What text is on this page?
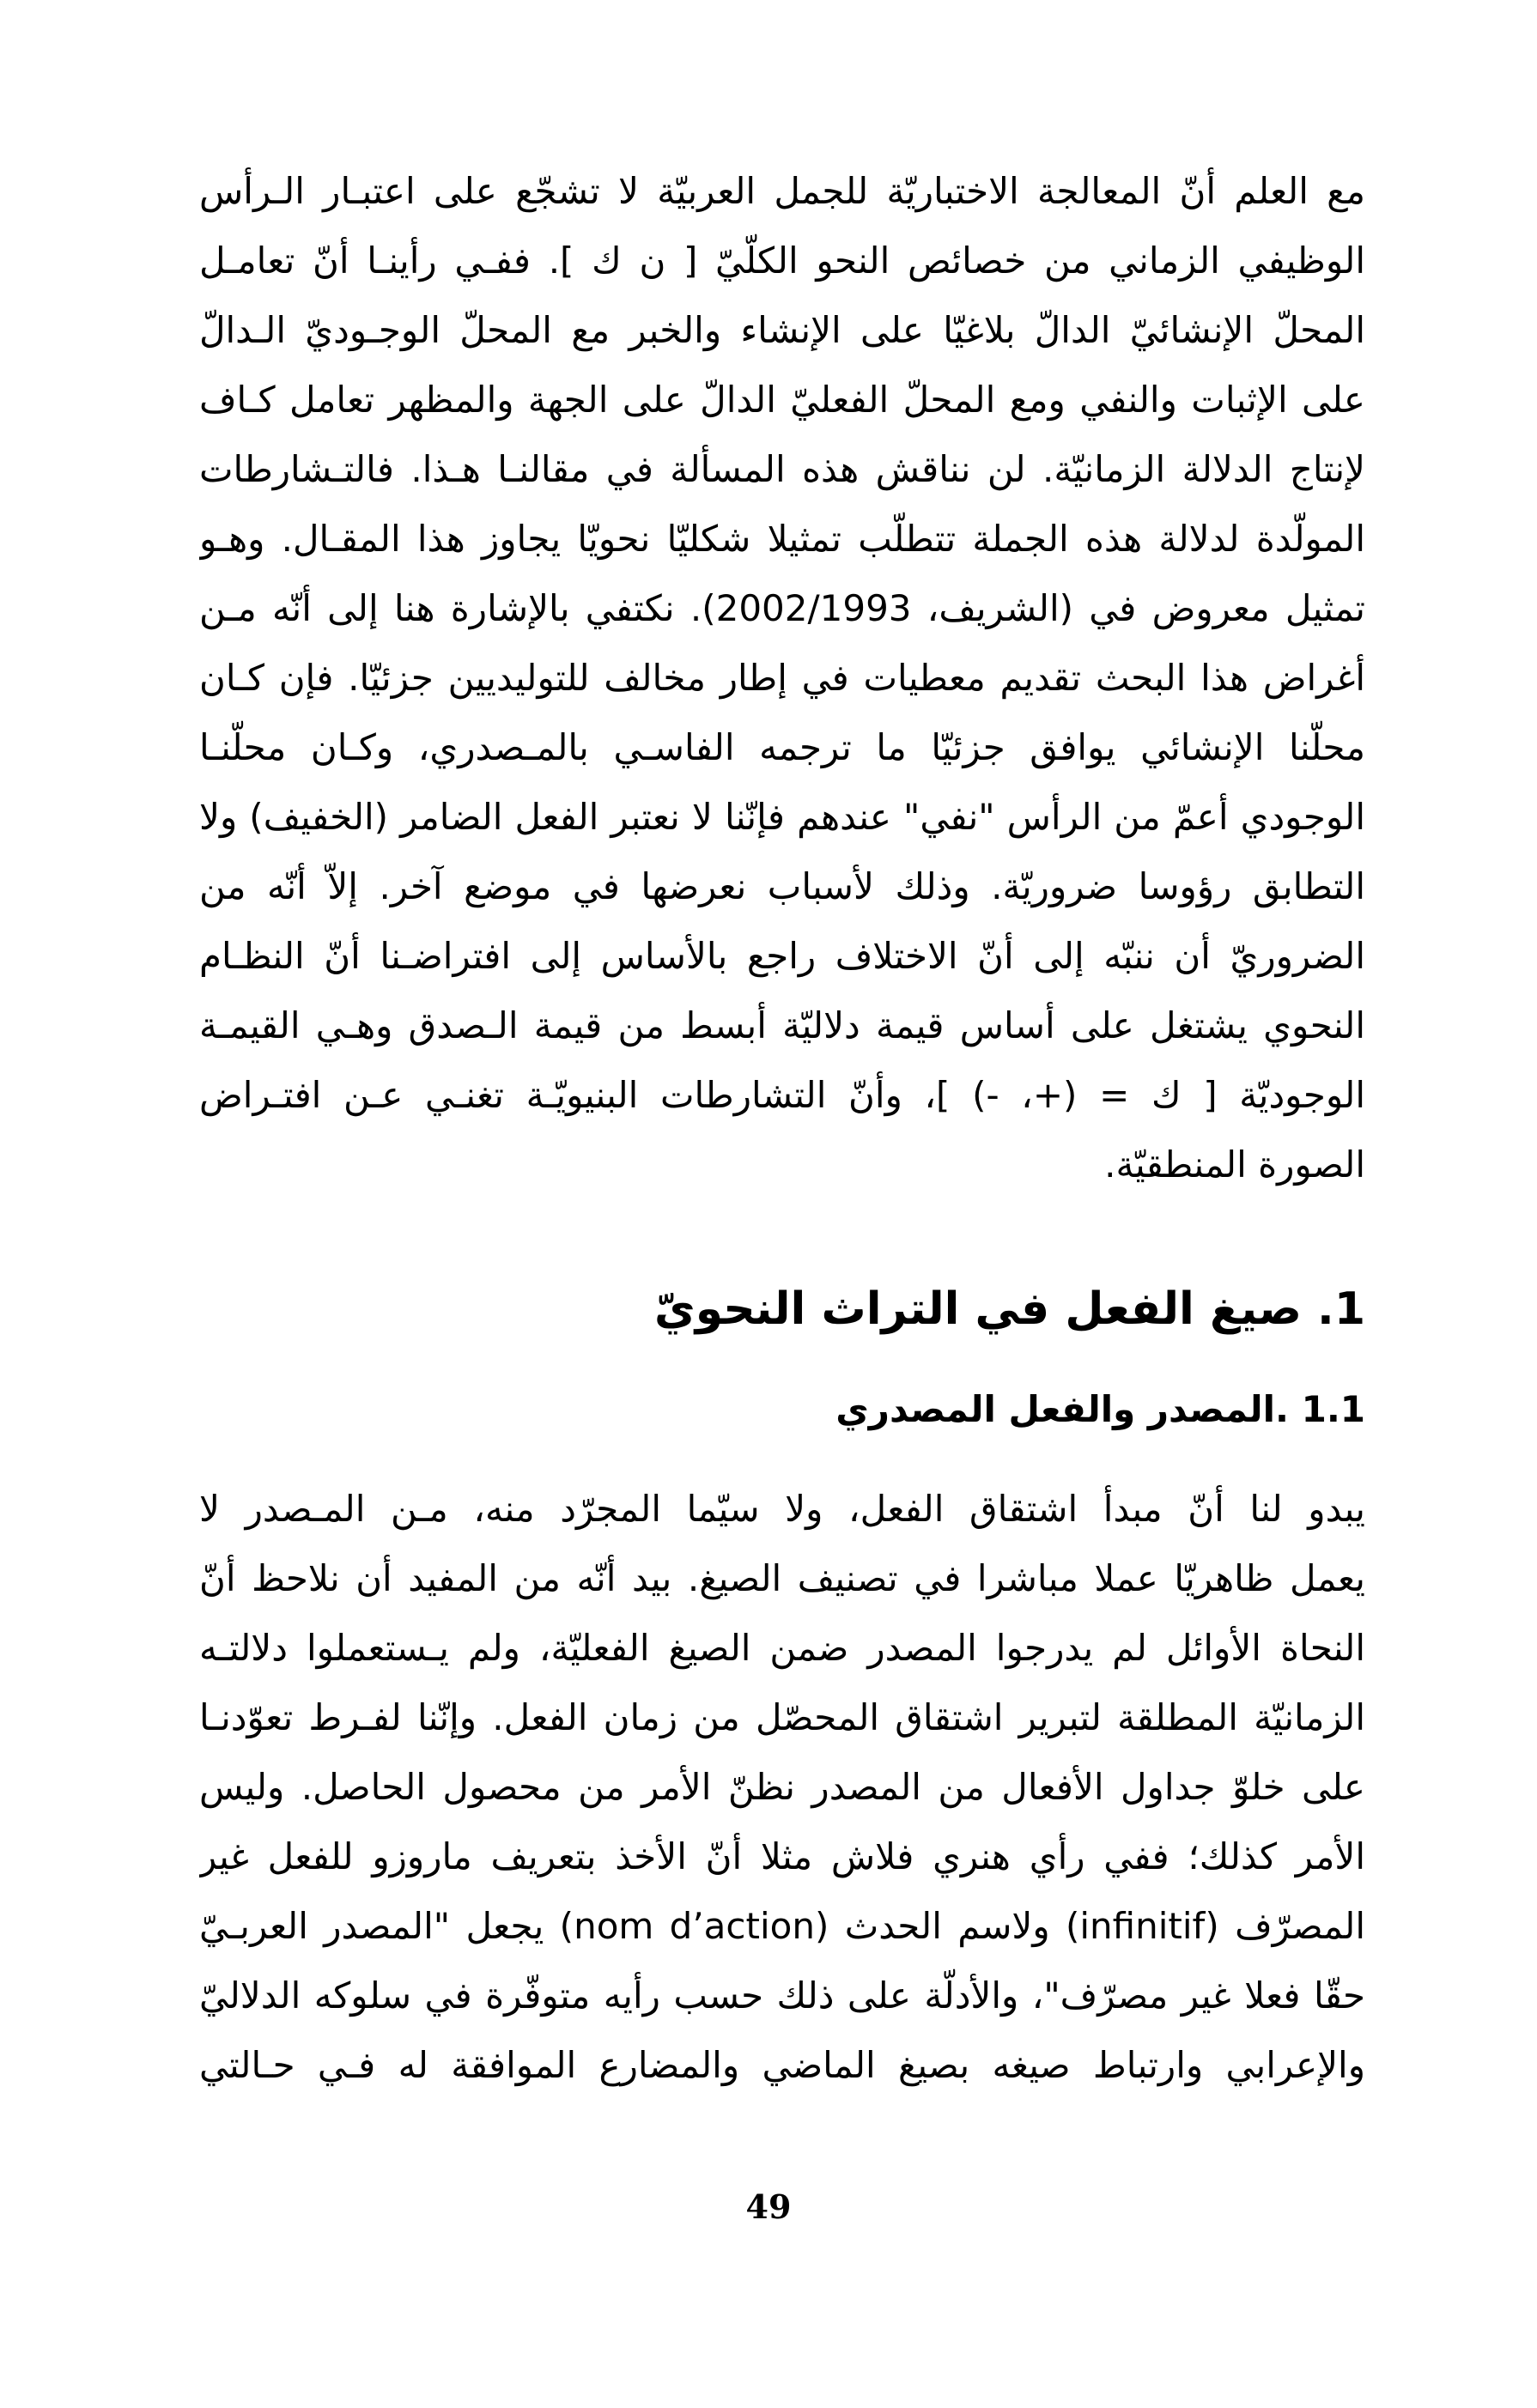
مع العلم أنّ المعالجة الاختباريّة للجمل العربيّة لا تشجّع على اعتبـار الـرأس
الوظيفي الزماني من خصائص النحو الكلّيّ [ ن ك ]. ففـي رأينـا أنّ تعامـل
المحلّ الإنشائيّ الدالّ بلاغيّا على الإنشاء والخبر مع المحلّ الوجـوديّ الـدالّ
على الإثبات والنفي ومع المحلّ الفعليّ الدالّ على الجهة والمظهر تعامل كـاف
لإنتاج الدلالة الزمانيّة. لن نناقش هذه المسألة في مقالنـا هـذا. فالتـشارطات
المولّدة لدلالة هذه الجملة تتطلّب تمثيلا شكليّا نحويّا يجاوز هذا المقـال. وهـو
تمثيل معروض في (الشريف، 2002/1993). نكتفي بالإشارة هنا إلى أنّه مـن
أغراض هذا البحث تقديم معطيات في إطار مخالف للتوليديين جزئيّا. فإن كـان
محلّنا الإنشائي يوافق جزئيّا ما ترجمه الفاسـي بالمـصدري، وكـان محلّنـا
الوجودي أعمّ من الرأس "نفي" عندهم فإنّنا لا نعتبر الفعل الضامر (الخفيف) ولا
التطابق رؤوسا ضروريّة. وذلك لأسباب نعرضها في موضع آخر. إلاّ أنّه من
الضروريّ أن ننبّه إلى أنّ الاختلاف راجع بالأساس إلى افتراضـنا أنّ النظـام
النحوي يشتغل على أساس قيمة دلاليّة أبسط من قيمة الـصدق وهـي القيمـة
الوجوديّة [ ك = (+، -) ]، وأنّ التشارطات البنيويّـة تغنـي عـن افتـراض
الصورة المنطقيّة.
1. صيغ الفعل في التراث النحويّ
1.1 .المصدر والفعل المصدري
يبدو لنا أنّ مبدأ اشتقاق الفعل، ولا سيّما المجرّد منه، مـن المـصدر لا
يعمل ظاهريّا عملا مباشرا في تصنيف الصيغ. بيد أنّه من المفيد أن نلاحظ أنّ
النحاة الأوائل لم يدرجوا المصدر ضمن الصيغ الفعليّة، ولم يـستعملوا دلالتـه
الزمانيّة المطلقة لتبرير اشتقاق المحصّل من زمان الفعل. وإنّنا لفـرط تعوّدنـا
على خلوّ جداول الأفعال من المصدر نظنّ الأمر من محصول الحاصل. وليس
الأمر كذلك؛ ففي رأي هنري فلاش مثلا أنّ الأخذ بتعريف ماروزو للفعل غير
المصرّف (infinitif) ولاسم الحدث (nom d’action) يجعل "المصدر العربـيّ
حقّا فعلا غير مصرّف"، والأدلّة على ذلك حسب رأيه متوفّرة في سلوكه الدلاليّ
والإعرابي وارتباط صيغه بصيغ الماضي والمضارع الموافقة له فـي حـالتي
49
